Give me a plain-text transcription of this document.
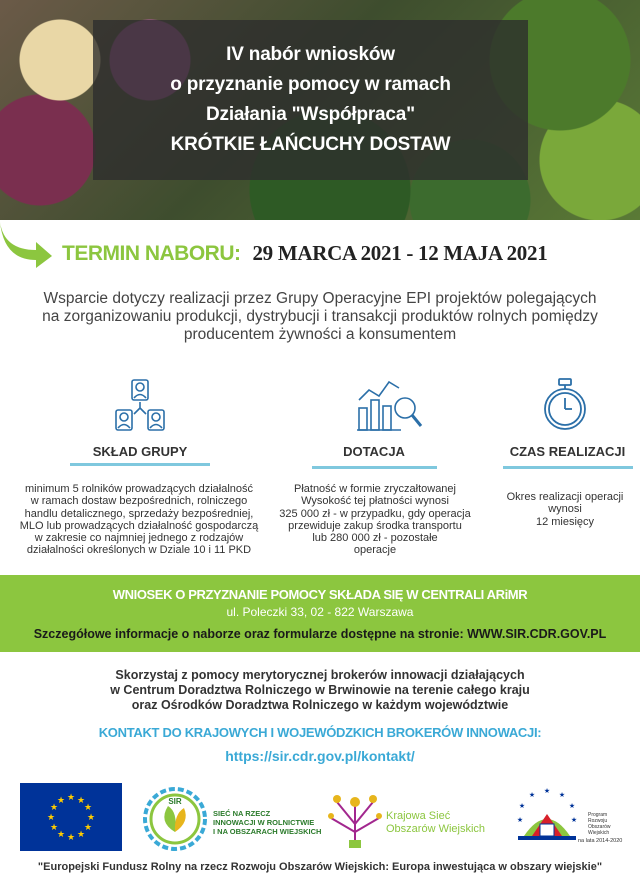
IV nabór wniosków
o przyznanie pomocy w ramach
Działania "Współpraca"
KRÓTKIE ŁAŃCUCHY DOSTAW
TERMIN NABORU: 29 MARCA 2021 - 12 MAJA 2021
Wsparcie dotyczy realizacji przez Grupy Operacyjne EPI projektów polegających
na zorganizowaniu produkcji, dystrybucji i transakcji produktów rolnych pomiędzy
producentem żywności a konsumentem
SKŁAD GRUPY
minimum 5 rolników prowadzących działalność
w ramach dostaw bezpośrednich, rolniczego
handlu detalicznego, sprzedaży bezpośredniej,
MLO lub prowadzących działalność gospodarczą
w zakresie co najmniej jednego z rodzajów
działalności określonych w Dziale 10 i 11 PKD
DOTACJA
Płatność w formie zryczałtowanej
Wysokość tej płatności wynosi
325 000 zł - w przypadku, gdy operacja
przewiduje zakup środka transportu
lub 280 000 zł - pozostałe
operacje
CZAS REALIZACJI
Okres realizacji operacji
wynosi
12 miesięcy
WNIOSEK O PRZYZNANIE POMOCY SKŁADA SIĘ W CENTRALI ARiMR
ul. Poleczki 33, 02 - 822 Warszawa
Szczegółowe informacje o naborze oraz formularze dostępne na stronie: WWW.SIR.CDR.GOV.PL
Skorzystaj z pomocy merytorycznej brokerów innowacji działających
w Centrum Doradztwa Rolniczego w Brwinowie na terenie całego kraju
oraz Ośrodków Doradztwa Rolniczego w każdym województwie
KONTAKT DO KRAJOWYCH I WOJEWÓDZKICH BROKERÓW INNOWACJI:
https://sir.cdr.gov.pl/kontakt/
★ ★
★
★
★
★
★
★
★
★
★
★	SIR
SIEĆ NA RZECZ
INNOWACJI W ROLNICTWIE
I NA OBSZARACH WIEJSKICH
Krajowa Sieć
Obszarów Wiejskich
★ ★
★
★
★
★
★
Program
Rozwoju
Obszarów
Wiejskich
na lata 2014-2020
"Europejski Fundusz Rolny na rzecz Rozwoju Obszarów Wiejskich: Europa inwestująca w obszary wiejskie"
